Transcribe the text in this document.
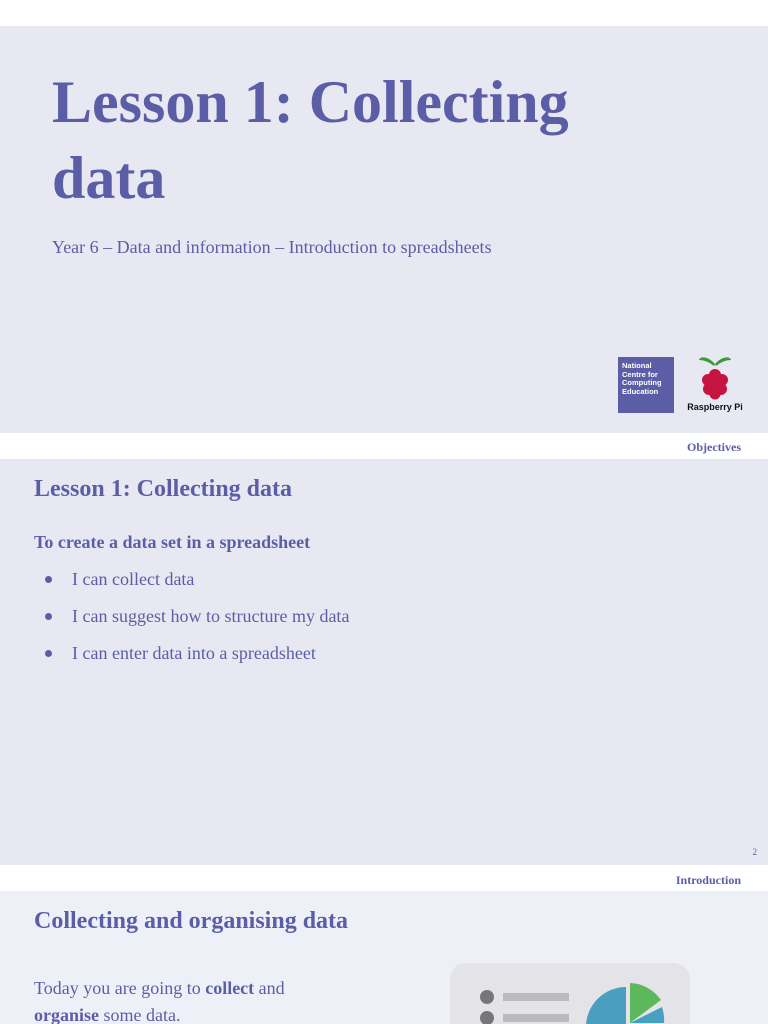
Lesson 1: Collecting data
Year 6 – Data and information – Introduction to spreadsheets
National Centre for Computing Education
Raspberry Pi
Objectives
Lesson 1: Collecting data
To create a data set in a spreadsheet
I can collect data
I can suggest how to structure my data
I can enter data into a spreadsheet
2
Introduction
Collecting and organising data
Today you are going to collect and
organise some data.
